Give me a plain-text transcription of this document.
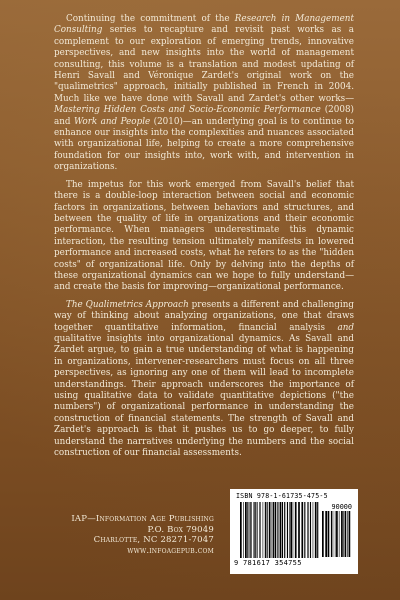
Continuing the commitment of the Research in Management Consulting series to recapture and revisit past works as a complement to our exploration of emerging trends, innovative perspectives, and new insights into the world of management consulting, this volume is a translation and modest updating of Henri Savall and Véronique Zardet's original work on the "qualimetrics" approach, initially published in French in 2004. Much like we have done with Savall and Zardet's other works—Mastering Hidden Costs and Socio-Economic Performance (2008) and Work and People (2010)—an underlying goal is to continue to enhance our insights into the complexities and nuances associated with organizational life, helping to create a more comprehensive foundation for our insights into, work with, and intervention in organizations.

The impetus for this work emerged from Savall's belief that there is a double-loop interaction between social and economic factors in organizations, between behaviors and structures, and between the quality of life in organizations and their economic performance. When managers underestimate this dynamic interaction, the resulting tension ultimately manifests in lowered performance and increased costs, what he refers to as the "hidden costs" of organizational life. Only by delving into the depths of these organizational dynamics can we hope to fully understand—and create the basis for improving—organizational performance.

The Qualimetrics Approach presents a different and challenging way of thinking about analyzing organizations, one that draws together quantitative information, financial analysis and qualitative insights into organizational dynamics. As Savall and Zardet argue, to gain a true understanding of what is happening in organizations, intervener-researchers must focus on all three perspectives, as ignoring any one of them will lead to incomplete understandings. Their approach underscores the importance of using qualitative data to validate quantitative depictions ("the numbers") of organizational performance in understanding the construction of financial statements. The strength of Savall and Zardet's approach is that it pushes us to go deeper, to fully understand the narratives underlying the numbers and the social construction of our financial assessments.

IAP—Information Age Publishing
P.O. Box 79049
Charlotte, NC 28271-7047
www.infoagepub.com
ISBN 978-1-61735-475-5
90000
9 781617 354755
